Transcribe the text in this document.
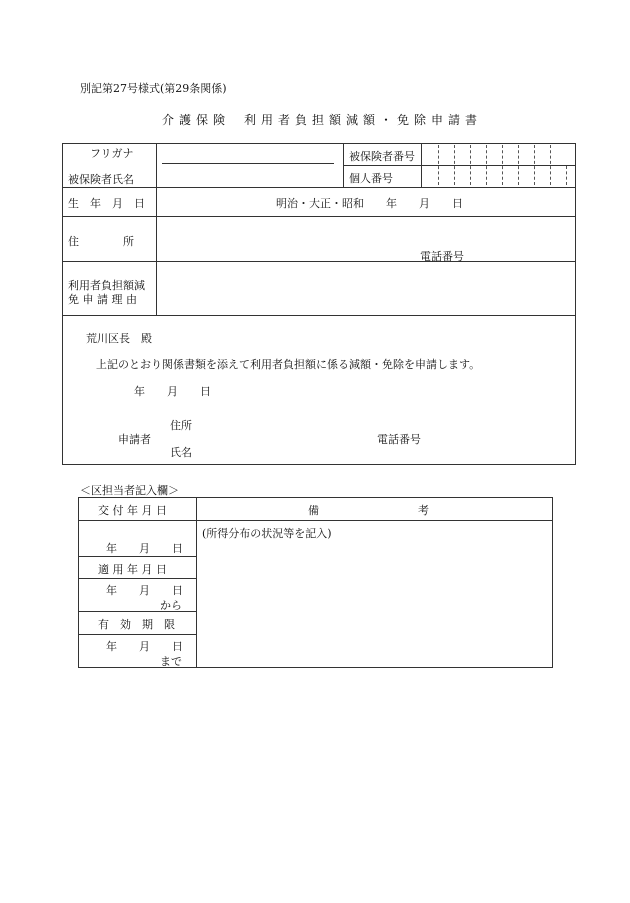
別記第27号様式(第29条関係)
介護保険 利用者負担額減額・免除申請書
フリガナ
被保険者氏名
被保険者番号
個人番号
生　年　月　日	明治・大正・昭和　　年　　月　　日
住　　　　所
電話番号
利用者負担額減
免 申 請 理 由
荒川区長　殿
上記のとおり関係書類を添えて利用者負担額に係る減額・免除を申請します。
年　　月　　日
住所
申請者
氏名
電話番号
＜区担当者記入欄＞
交 付 年 月 日	備　　　　　　　　　考
(所得分布の状況等を記入)
年　　月　　日
適 用 年 月 日
年　　月　　日
から
有　効　期　限
年　　月　　日
まで
